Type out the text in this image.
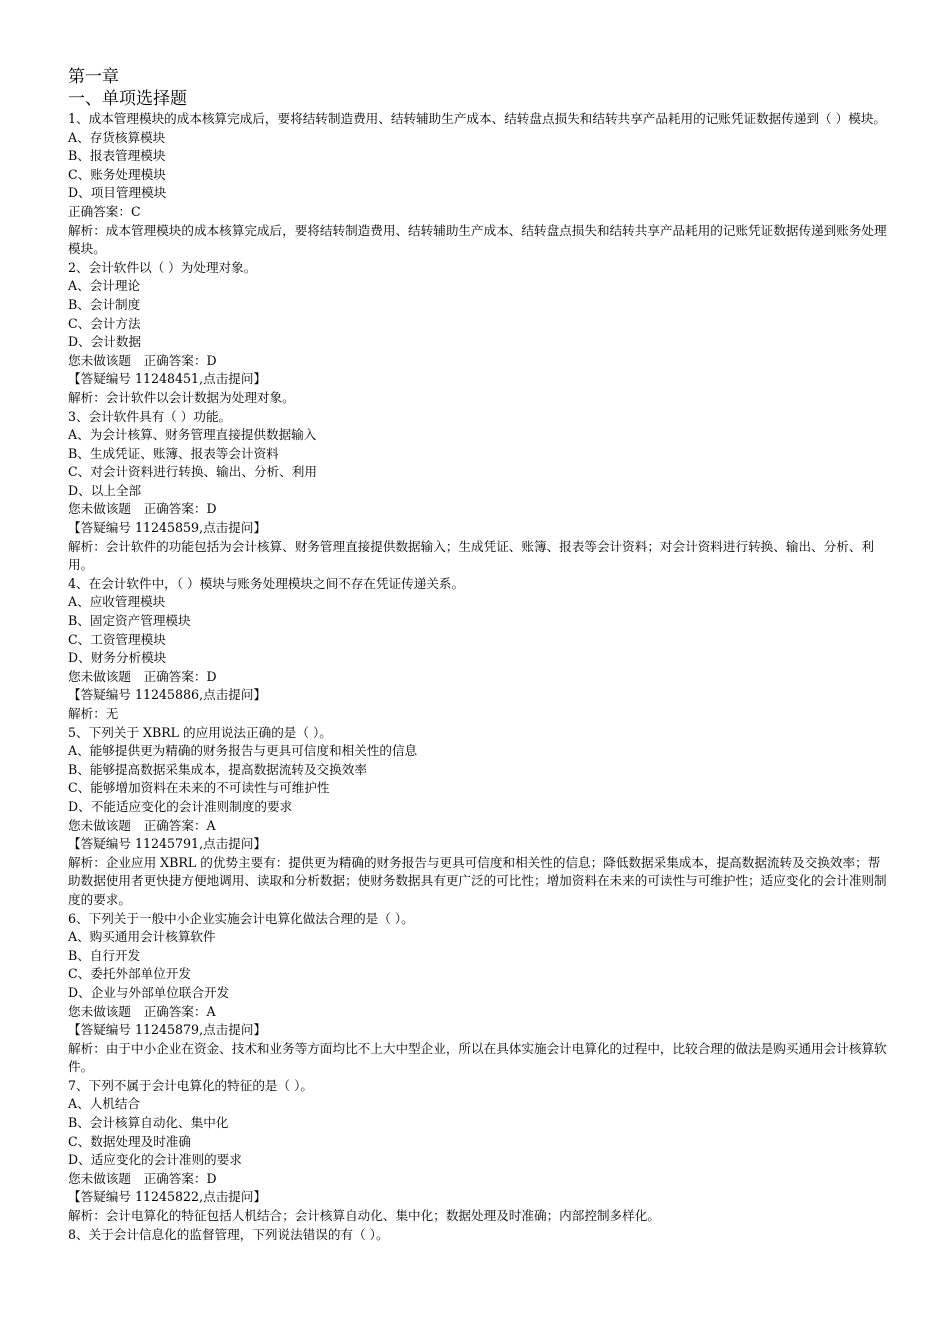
第一章
一、单项选择题
1、成本管理模块的成本核算完成后，要将结转制造费用、结转辅助生产成本、结转盘点损失和结转共享产品耗用的记账凭证数据传递到（ ）模块。
A、存货核算模块
B、报表管理模块
C、账务处理模块
D、项目管理模块
正确答案：C
解析：成本管理模块的成本核算完成后，要将结转制造费用、结转辅助生产成本、结转盘点损失和结转共享产品耗用的记账凭证数据传递到账务处理模块。
2、会计软件以（ ）为处理对象。
A、会计理论
B、会计制度
C、会计方法
D、会计数据
您未做该题　正确答案：D
【答疑编号 11248451,点击提问】
解析：会计软件以会计数据为处理对象。
3、会计软件具有（ ）功能。
A、为会计核算、财务管理直接提供数据输入
B、生成凭证、账簿、报表等会计资料
C、对会计资料进行转换、输出、分析、利用
D、以上全部
您未做该题　正确答案：D
【答疑编号 11245859,点击提问】
解析：会计软件的功能包括为会计核算、财务管理直接提供数据输入；生成凭证、账簿、报表等会计资料；对会计资料进行转换、输出、分析、利用。
4、在会计软件中，（ ）模块与账务处理模块之间不存在凭证传递关系。
A、应收管理模块
B、固定资产管理模块
C、工资管理模块
D、财务分析模块
您未做该题　正确答案：D
【答疑编号 11245886,点击提问】
解析：无
5、下列关于 XBRL 的应用说法正确的是（ ）。
A、能够提供更为精确的财务报告与更具可信度和相关性的信息
B、能够提高数据采集成本，提高数据流转及交换效率
C、能够增加资料在未来的不可读性与可维护性
D、不能适应变化的会计准则制度的要求
您未做该题　正确答案：A
【答疑编号 11245791,点击提问】
解析：企业应用 XBRL 的优势主要有：提供更为精确的财务报告与更具可信度和相关性的信息；降低数据采集成本，提高数据流转及交换效率；帮助数据使用者更快捷方便地调用、读取和分析数据；使财务数据具有更广泛的可比性；增加资料在未来的可读性与可维护性；适应变化的会计准则制度的要求。
6、下列关于一般中小企业实施会计电算化做法合理的是（ ）。
A、购买通用会计核算软件
B、自行开发
C、委托外部单位开发
D、企业与外部单位联合开发
您未做该题　正确答案：A
【答疑编号 11245879,点击提问】
解析：由于中小企业在资金、技术和业务等方面均比不上大中型企业，所以在具体实施会计电算化的过程中，比较合理的做法是购买通用会计核算软件。
7、下列不属于会计电算化的特征的是（ ）。
A、人机结合
B、会计核算自动化、集中化
C、数据处理及时准确
D、适应变化的会计准则的要求
您未做该题　正确答案：D
【答疑编号 11245822,点击提问】
解析：会计电算化的特征包括人机结合；会计核算自动化、集中化；数据处理及时准确；内部控制多样化。
8、关于会计信息化的监督管理，下列说法错误的有（ ）。
